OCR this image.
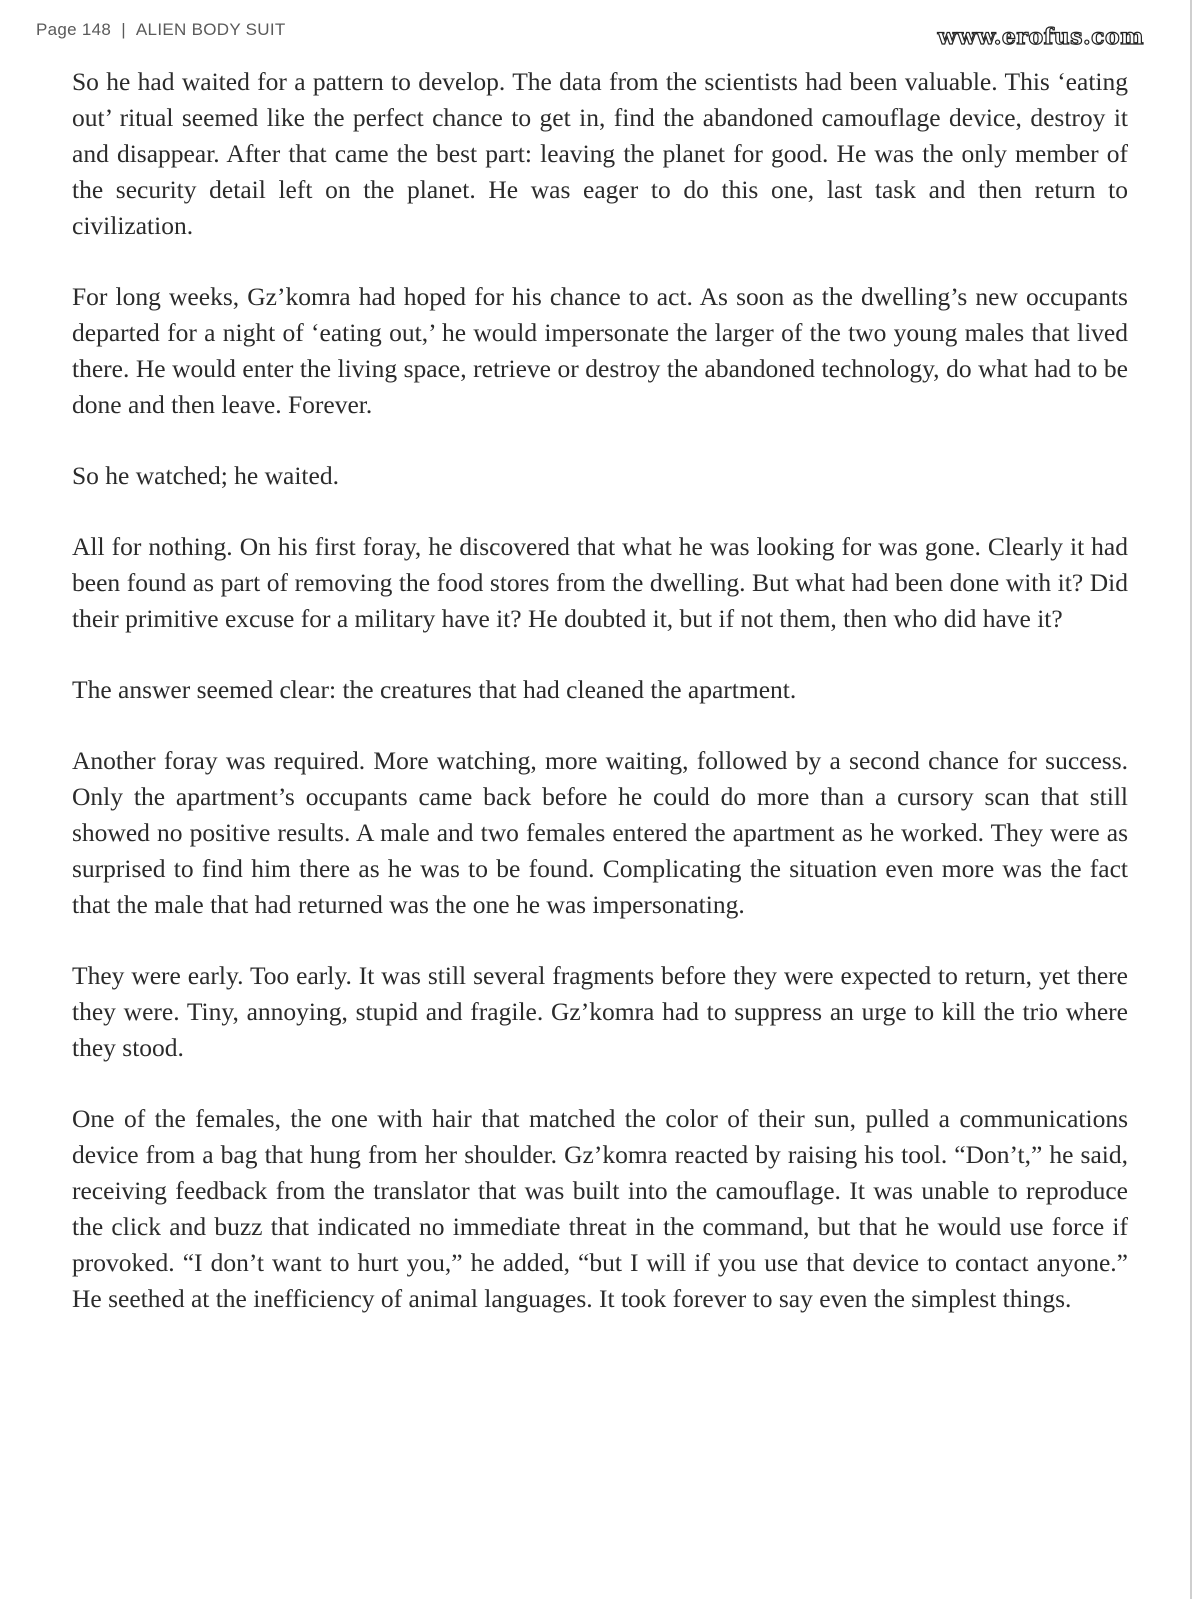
Page 148 | ALIEN BODY SUIT	www.erofus.com

So he had waited for a pattern to develop. The data from the scientists had been valuable. This ‘eating out’ ritual seemed like the perfect chance to get in, find the abandoned camouflage device, destroy it and disappear. After that came the best part: leaving the planet for good. He was the only member of the security detail left on the planet. He was eager to do this one, last task and then return to civilization.

For long weeks, Gz’komra had hoped for his chance to act. As soon as the dwelling’s new occupants departed for a night of ‘eating out,’ he would impersonate the larger of the two young males that lived there. He would enter the living space, retrieve or destroy the abandoned technology, do what had to be done and then leave. Forever.

So he watched; he waited.

All for nothing. On his first foray, he discovered that what he was looking for was gone. Clearly it had been found as part of removing the food stores from the dwelling. But what had been done with it? Did their primitive excuse for a military have it? He doubted it, but if not them, then who did have it?

The answer seemed clear: the creatures that had cleaned the apartment.

Another foray was required. More watching, more waiting, followed by a second chance for success. Only the apartment’s occupants came back before he could do more than a cursory scan that still showed no positive results. A male and two females entered the apartment as he worked. They were as surprised to find him there as he was to be found. Complicating the situation even more was the fact that the male that had returned was the one he was impersonating.

They were early. Too early. It was still several fragments before they were expected to return, yet there they were. Tiny, annoying, stupid and fragile. Gz’komra had to suppress an urge to kill the trio where they stood.

One of the females, the one with hair that matched the color of their sun, pulled a communications device from a bag that hung from her shoulder. Gz’komra reacted by raising his tool. “Don’t,” he said, receiving feedback from the translator that was built into the camouflage. It was unable to reproduce the click and buzz that indicated no immediate threat in the command, but that he would use force if provoked. “I don’t want to hurt you,” he added, “but I will if you use that device to contact anyone.” He seethed at the inefficiency of animal languages. It took forever to say even the simplest things.
